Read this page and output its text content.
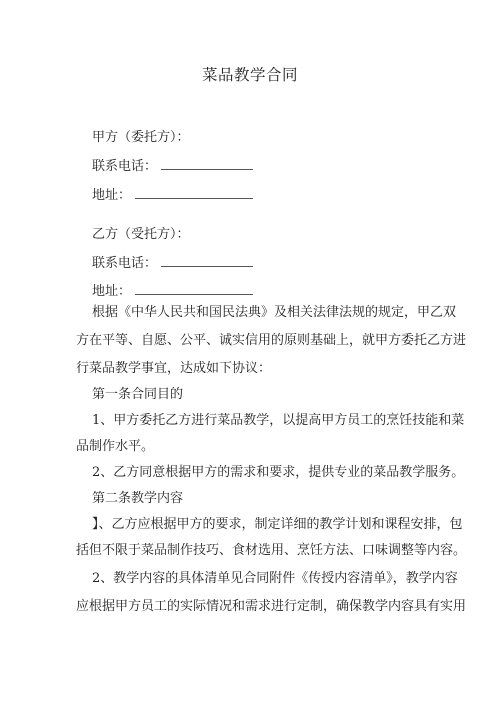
菜品教学合同
甲方（委托方）：
联系电话：
地址：
乙方（受托方）：
联系电话：
地址：
根据《中华人民共和国民法典》及相关法律法规的规定，甲乙双
方在平等、自愿、公平、诚实信用的原则基础上，就甲方委托乙方进
行菜品教学事宜，达成如下协议：
第一条合同目的
1、甲方委托乙方进行菜品教学，以提高甲方员工的烹饪技能和菜
品制作水平。
2、乙方同意根据甲方的需求和要求，提供专业的菜品教学服务。
第二条教学内容
】、乙方应根据甲方的要求，制定详细的教学计划和课程安排，包
括但不限于菜品制作技巧、食材选用、烹饪方法、口味调整等内容。
2、教学内容的具体清单见合同附件《传授内容清单》，教学内容
应根据甲方员工的实际情况和需求进行定制，确保教学内容具有实用
